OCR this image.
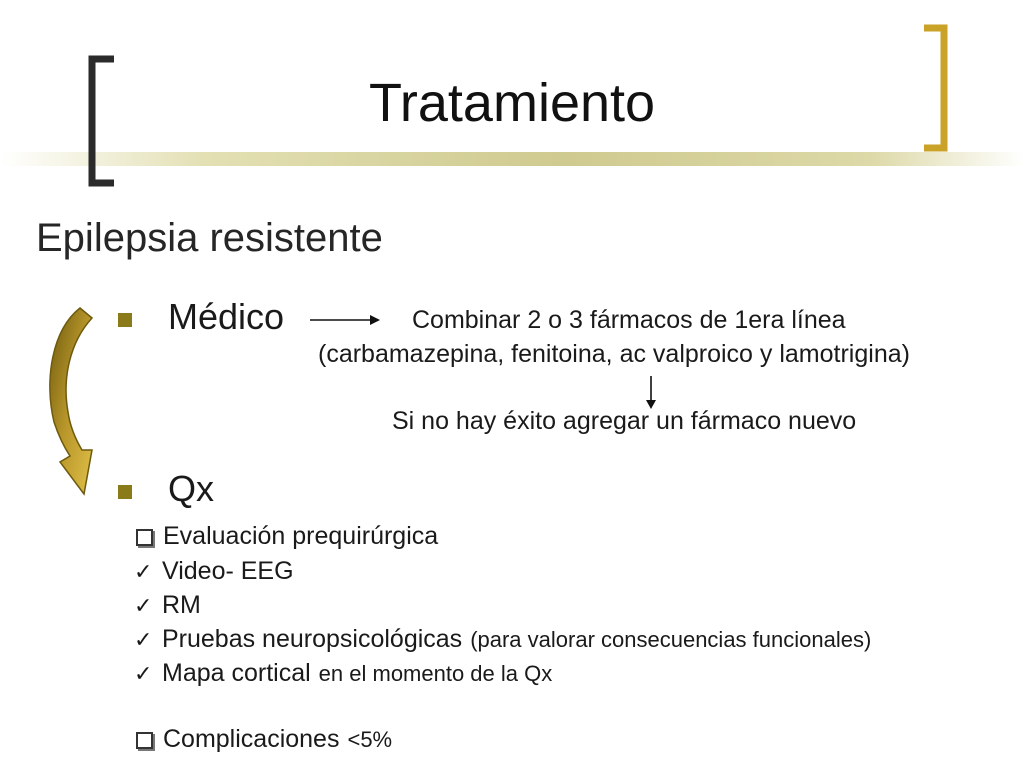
Tratamiento
Epilepsia resistente
Médico
Qx
Combinar 2 o 3 fármacos de 1era línea
(carbamazepina, fenitoina, ac valproico y lamotrigina)
Si no hay éxito agregar un fármaco nuevo
Evaluación prequirúrgica
✓ Video- EEG
✓ RM
✓ Pruebas neuropsicológicas (para valorar consecuencias funcionales)
✓ Mapa cortical en el momento de la Qx
Complicaciones <5%
